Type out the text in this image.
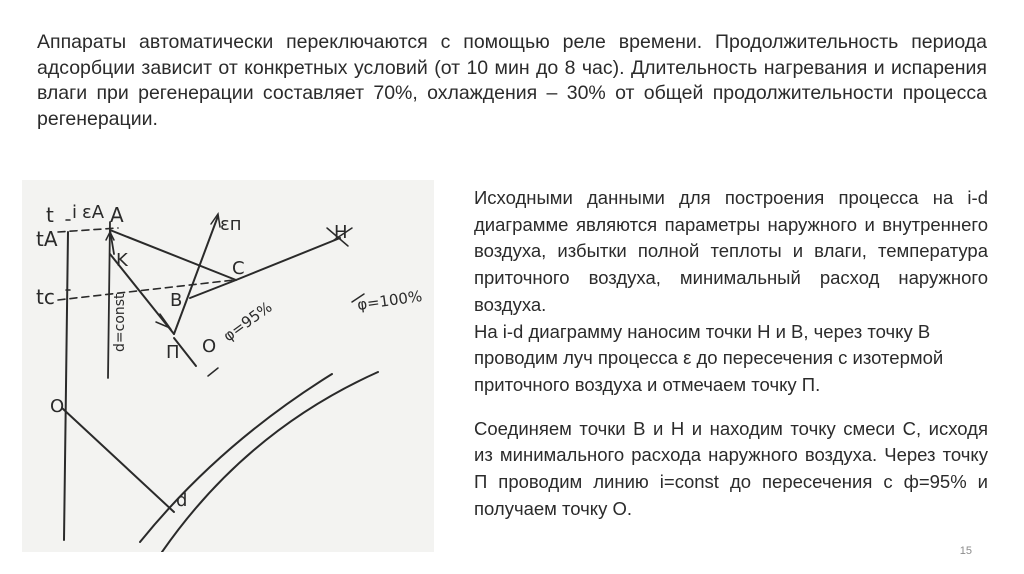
Аппараты автоматически переключаются с помощью реле времени. Продолжительность периода адсорбции зависит от конкретных условий (от 10 мин до 8 час). Длительность нагревания и испарения влаги при регенерации составляет 70%, охлаждения – 30% от общей продолжительности процесса регенерации.
t i
tA
tc
εA A
K
εп	H
C
B
П O
O
d
d=const	φ=95%	φ=100%

Исходными данными для построения процесса на i-d диаграмме являются параметры наружного и внутреннего воздуха, избытки полной теплоты и влаги, температура приточного воздуха, минимальный расход наружного воздуха.

На i-d диаграмму наносим точки Н и В, через точку В проводим луч процесса ε до пересечения с изотермой приточного воздуха и отмечаем точку П.

Соединяем точки В и Н и находим точку смеси С, исходя из минимального расхода наружного воздуха. Через точку П проводим линию i=const до пересечения с ф=95% и получаем точку О.

15
